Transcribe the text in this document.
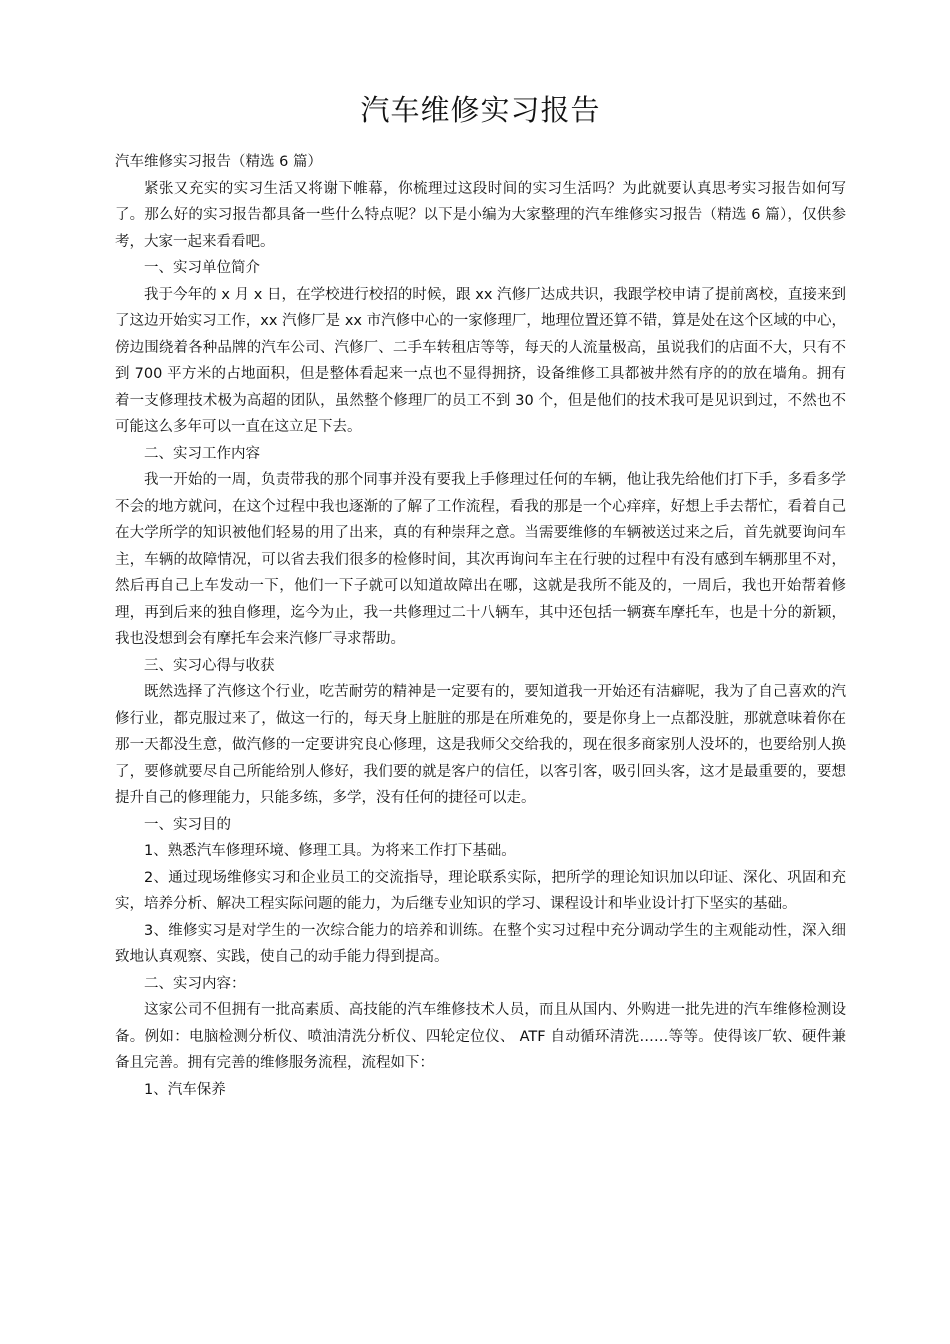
汽车维修实习报告

汽车维修实习报告（精选 6 篇）

紧张又充实的实习生活又将谢下帷幕，你梳理过这段时间的实习生活吗？为此就要认真思考实习报告如何写了。那么好的实习报告都具备一些什么特点呢？以下是小编为大家整理的汽车维修实习报告（精选 6 篇），仅供参考，大家一起来看看吧。

一、实习单位简介

我于今年的 x 月 x 日，在学校进行校招的时候，跟 xx 汽修厂达成共识，我跟学校申请了提前离校，直接来到了这边开始实习工作，xx 汽修厂是 xx 市汽修中心的一家修理厂，地理位置还算不错，算是处在这个区域的中心，傍边围绕着各种品牌的汽车公司、汽修厂、二手车转租店等等，每天的人流量极高，虽说我们的店面不大，只有不到 700 平方米的占地面积，但是整体看起来一点也不显得拥挤，设备维修工具都被井然有序的的放在墙角。拥有着一支修理技术极为高超的团队，虽然整个修理厂的员工不到 30 个，但是他们的技术我可是见识到过，不然也不可能这么多年可以一直在这立足下去。

二、实习工作内容

我一开始的一周，负责带我的那个同事并没有要我上手修理过任何的车辆，他让我先给他们打下手，多看多学不会的地方就问，在这个过程中我也逐渐的了解了工作流程，看我的那是一个心痒痒，好想上手去帮忙，看着自己在大学所学的知识被他们轻易的用了出来，真的有种崇拜之意。当需要维修的车辆被送过来之后，首先就要询问车主，车辆的故障情况，可以省去我们很多的检修时间，其次再询问车主在行驶的过程中有没有感到车辆那里不对，然后再自己上车发动一下，他们一下子就可以知道故障出在哪，这就是我所不能及的，一周后，我也开始帮着修理，再到后来的独自修理，迄今为止，我一共修理过二十八辆车，其中还包括一辆赛车摩托车，也是十分的新颖，我也没想到会有摩托车会来汽修厂寻求帮助。

三、实习心得与收获

既然选择了汽修这个行业，吃苦耐劳的精神是一定要有的，要知道我一开始还有洁癖呢，我为了自己喜欢的汽修行业，都克服过来了，做这一行的，每天身上脏脏的那是在所难免的，要是你身上一点都没脏，那就意味着你在那一天都没生意，做汽修的一定要讲究良心修理，这是我师父交给我的，现在很多商家别人没坏的，也要给别人换了，要修就要尽自己所能给别人修好，我们要的就是客户的信任，以客引客，吸引回头客，这才是最重要的，要想提升自己的修理能力，只能多练，多学，没有任何的捷径可以走。

一、实习目的

1、熟悉汽车修理环境、修理工具。为将来工作打下基础。

2、通过现场维修实习和企业员工的交流指导，理论联系实际，把所学的理论知识加以印证、深化、巩固和充实，培养分析、解决工程实际问题的能力，为后继专业知识的学习、课程设计和毕业设计打下坚实的基础。

3、维修实习是对学生的一次综合能力的培养和训练。在整个实习过程中充分调动学生的主观能动性，深入细致地认真观察、实践，使自己的动手能力得到提高。

二、实习内容：

这家公司不但拥有一批高素质、高技能的汽车维修技术人员，而且从国内、外购进一批先进的汽车维修检测设备。例如：电脑检测分析仪、喷油清洗分析仪、四轮定位仪、 ATF 自动循环清洗……等等。使得该厂软、硬件兼备且完善。拥有完善的维修服务流程，流程如下：

1、汽车保养
